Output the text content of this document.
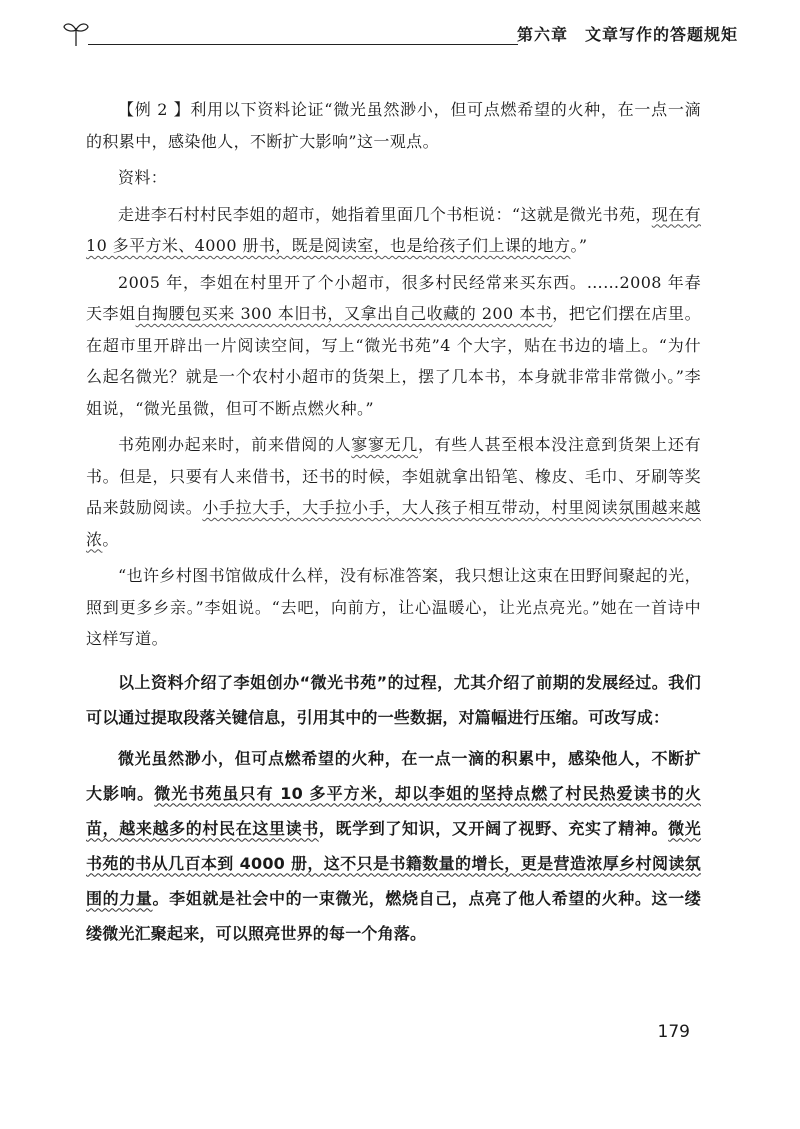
第六章　文章写作的答题规矩

【例 2 】利用以下资料论证“微光虽然渺小，但可点燃希望的火种，在一点一滴的积累中，感染他人，不断扩大影响”这一观点。

资料：

走进李石村村民李姐的超市，她指着里面几个书柜说：“这就是微光书苑，现在有 10 多平方米、4000 册书，既是阅读室，也是给孩子们上课的地方。”

2005 年，李姐在村里开了个小超市，很多村民经常来买东西。……2008 年春天李姐自掏腰包买来 300 本旧书，又拿出自己收藏的 200 本书，把它们摆在店里。在超市里开辟出一片阅读空间，写上“微光书苑”4 个大字，贴在书边的墙上。“为什么起名微光？就是一个农村小超市的货架上，摆了几本书，本身就非常非常微小。”李姐说，“微光虽微，但可不断点燃火种。”

书苑刚办起来时，前来借阅的人寥寥无几，有些人甚至根本没注意到货架上还有书。但是，只要有人来借书，还书的时候，李姐就拿出铅笔、橡皮、毛巾、牙刷等奖品来鼓励阅读。小手拉大手，大手拉小手，大人孩子相互带动，村里阅读氛围越来越浓。

“也许乡村图书馆做成什么样，没有标准答案，我只想让这束在田野间聚起的光，照到更多乡亲。”李姐说。“去吧，向前方，让心温暖心，让光点亮光。”她在一首诗中这样写道。

以上资料介绍了李姐创办“微光书苑”的过程，尤其介绍了前期的发展经过。我们可以通过提取段落关键信息，引用其中的一些数据，对篇幅进行压缩。可改写成：

微光虽然渺小，但可点燃希望的火种，在一点一滴的积累中，感染他人，不断扩大影响。微光书苑虽只有 10 多平方米，却以李姐的坚持点燃了村民热爱读书的火苗，越来越多的村民在这里读书，既学到了知识，又开阔了视野、充实了精神。微光书苑的书从几百本到 4000 册，这不只是书籍数量的增长，更是营造浓厚乡村阅读氛围的力量。李姐就是社会中的一束微光，燃烧自己，点亮了他人希望的火种。这一缕缕微光汇聚起来，可以照亮世界的每一个角落。

179
